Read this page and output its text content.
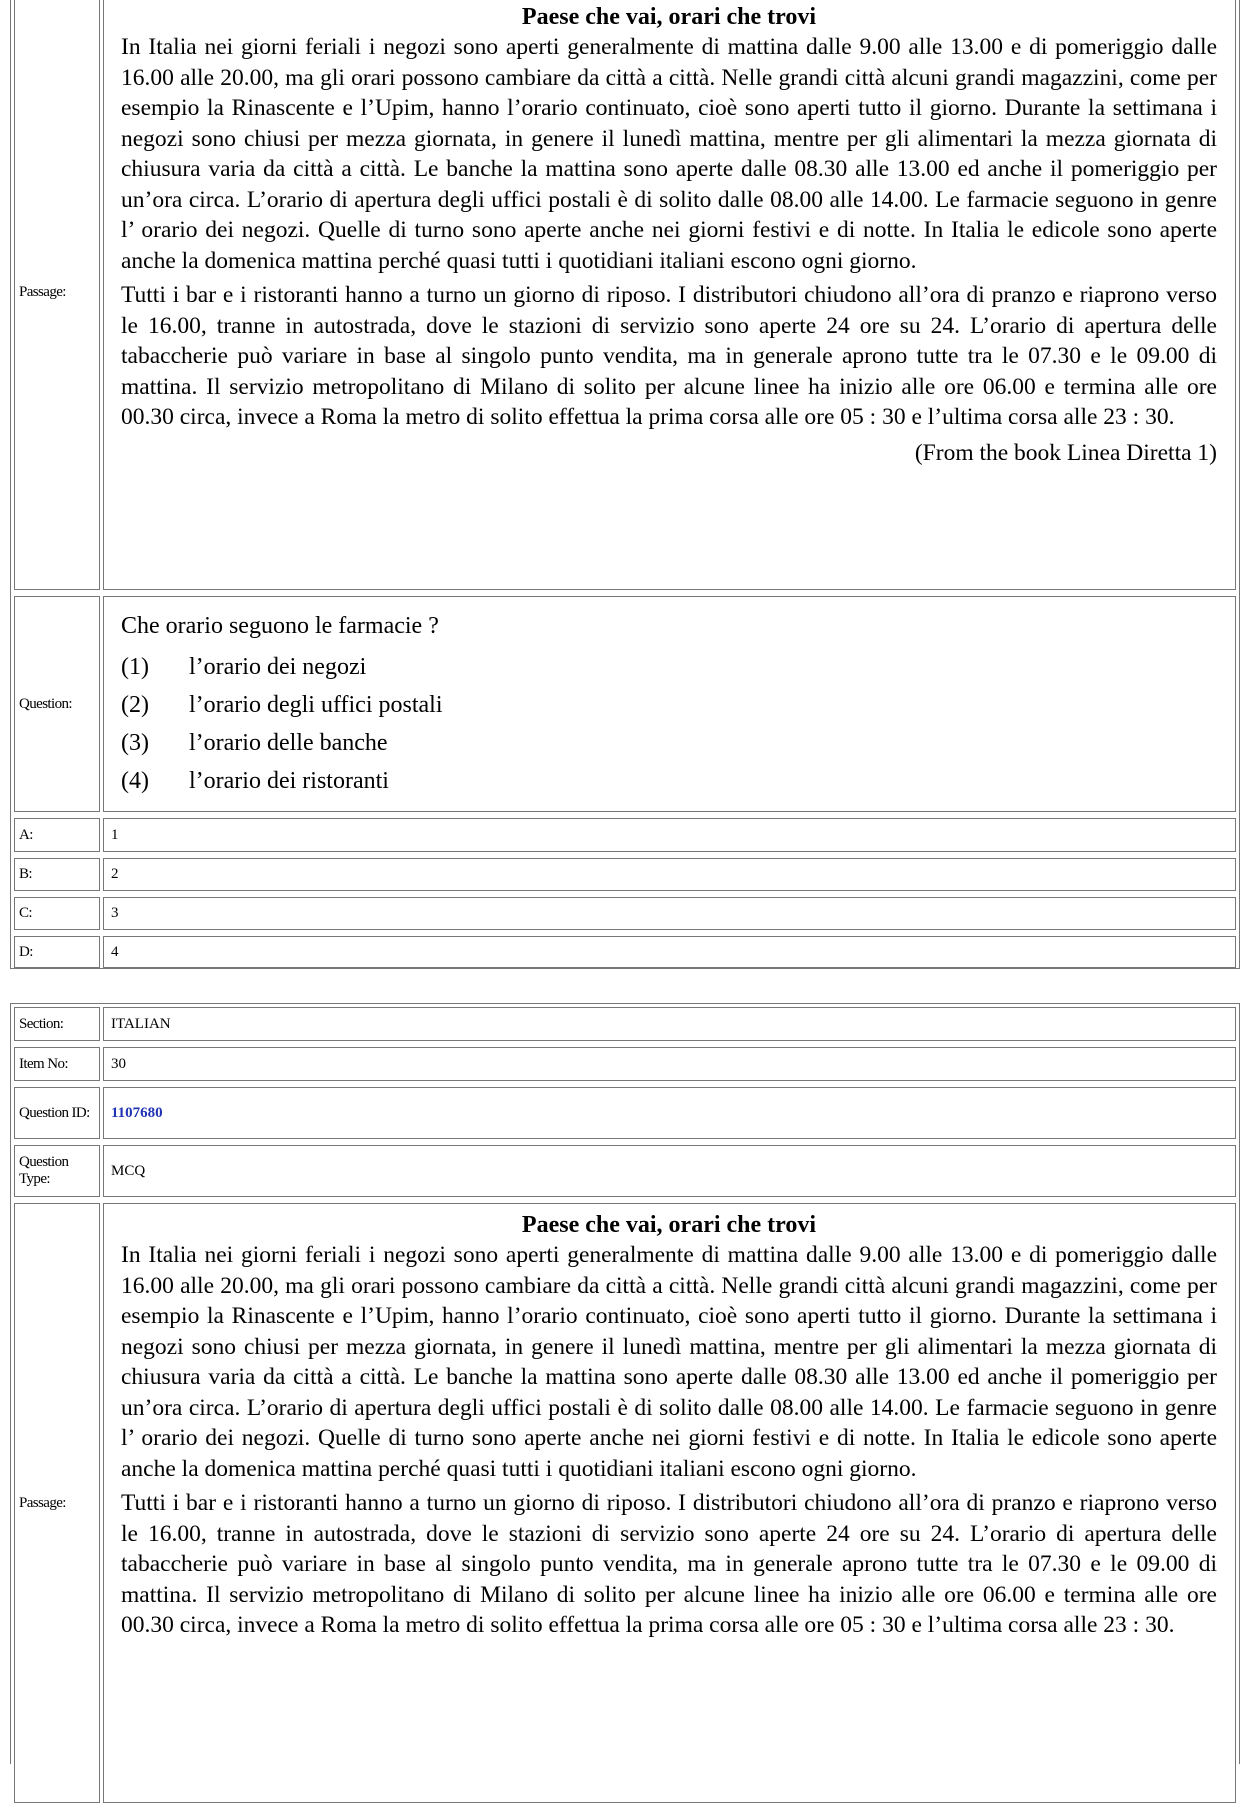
Passage:

Paese che vai, orari che trovi

In Italia nei giorni feriali i negozi sono aperti generalmente di mattina dalle 9.00 alle 13.00 e di pomeriggio dalle 16.00 alle 20.00, ma gli orari possono cambiare da città a città. Nelle grandi città alcuni grandi magazzini, come per esempio la Rinascente e l’Upim, hanno l’orario continuato, cioè sono aperti tutto il giorno. Durante la settimana i negozi sono chiusi per mezza giornata, in genere il lunedì mattina, mentre per gli alimentari la mezza giornata di chiusura varia da città a città. Le banche la mattina sono aperte dalle 08.30 alle 13.00 ed anche il pomeriggio per un’ora circa. L’orario di apertura degli uffici postali è di solito dalle 08.00 alle 14.00. Le farmacie seguono in genre l’ orario dei negozi. Quelle di turno sono aperte anche nei giorni festivi e di notte. In Italia le edicole sono aperte anche la domenica mattina perché quasi tutti i quotidiani italiani escono ogni giorno.

Tutti i bar e i ristoranti hanno a turno un giorno di riposo. I distributori chiudono all’ora di pranzo e riaprono verso le 16.00, tranne in autostrada, dove le stazioni di servizio sono aperte 24 ore su 24. L’orario di apertura delle tabaccherie può variare in base al singolo punto vendita, ma in generale aprono tutte tra le 07.30 e le 09.00 di mattina. Il servizio metropolitano di Milano di solito per alcune linee ha inizio alle ore 06.00 e termina alle ore 00.30 circa, invece a Roma la metro di solito effettua la prima corsa alle ore 05 : 30 e l’ultima corsa alle 23 : 30.

(From the book Linea Diretta 1)

Question:

Che orario seguono le farmacie ?

(1)	l’orario dei negozi

(2)	l’orario degli uffici postali

(3)	l’orario delle banche

(4)	l’orario dei ristoranti

A:	1
B:	2
C:	3
D:	4
Section:	ITALIAN
Item No:	30
Question ID:	1107680
Question Type:
MCQ
Passage:

Paese che vai, orari che trovi

In Italia nei giorni feriali i negozi sono aperti generalmente di mattina dalle 9.00 alle 13.00 e di pomeriggio dalle 16.00 alle 20.00, ma gli orari possono cambiare da città a città. Nelle grandi città alcuni grandi magazzini, come per esempio la Rinascente e l’Upim, hanno l’orario continuato, cioè sono aperti tutto il giorno. Durante la settimana i negozi sono chiusi per mezza giornata, in genere il lunedì mattina, mentre per gli alimentari la mezza giornata di chiusura varia da città a città. Le banche la mattina sono aperte dalle 08.30 alle 13.00 ed anche il pomeriggio per un’ora circa. L’orario di apertura degli uffici postali è di solito dalle 08.00 alle 14.00. Le farmacie seguono in genre l’ orario dei negozi. Quelle di turno sono aperte anche nei giorni festivi e di notte. In Italia le edicole sono aperte anche la domenica mattina perché quasi tutti i quotidiani italiani escono ogni giorno.

Tutti i bar e i ristoranti hanno a turno un giorno di riposo. I distributori chiudono all’ora di pranzo e riaprono verso le 16.00, tranne in autostrada, dove le stazioni di servizio sono aperte 24 ore su 24. L’orario di apertura delle tabaccherie può variare in base al singolo punto vendita, ma in generale aprono tutte tra le 07.30 e le 09.00 di mattina. Il servizio metropolitano di Milano di solito per alcune linee ha inizio alle ore 06.00 e termina alle ore 00.30 circa, invece a Roma la metro di solito effettua la prima corsa alle ore 05 : 30 e l’ultima corsa alle 23 : 30.
